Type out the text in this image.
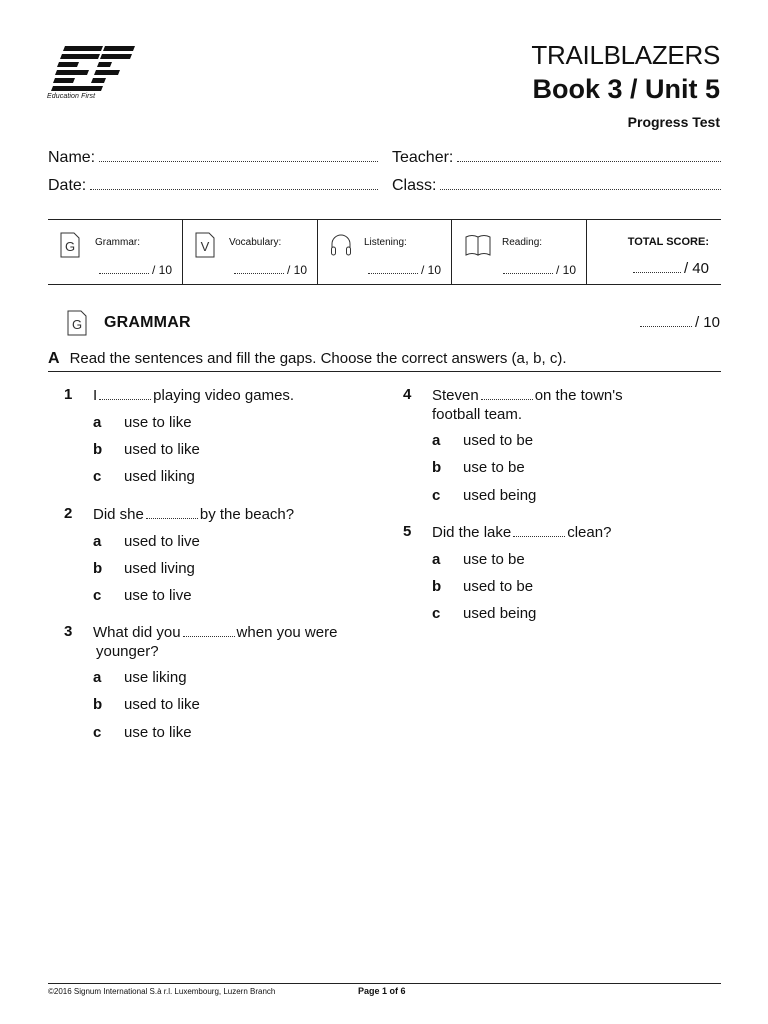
Education First
TRAILBLAZERS
Book 3 / Unit 5
Progress Test
Name:	Teacher:
Date:	Class:
G Grammar:
/ 10
V Vocabulary:
/ 10
Listening:
/ 10
Reading:
/ 10
TOTAL SCORE:
/ 40
G GRAMMAR	/ 10
A Read the sentences and fill the gaps. Choose the correct answers (a, b, c).
1 I	playing video games.
a use to like
b used to like
c used liking
2 Did she	by the beach?
a used to live
b used living
c use to live
3 What did you	when you were
younger?
a use liking
b used to like
c use to like
4 Steven	on the town's
football team.
a used to be
b use to be
c used being
5 Did the lake	clean?
a use to be
b used to be
c used being
©2016 Signum International S.à r.l. Luxembourg, Luzern Branch	Page 1 of 6
